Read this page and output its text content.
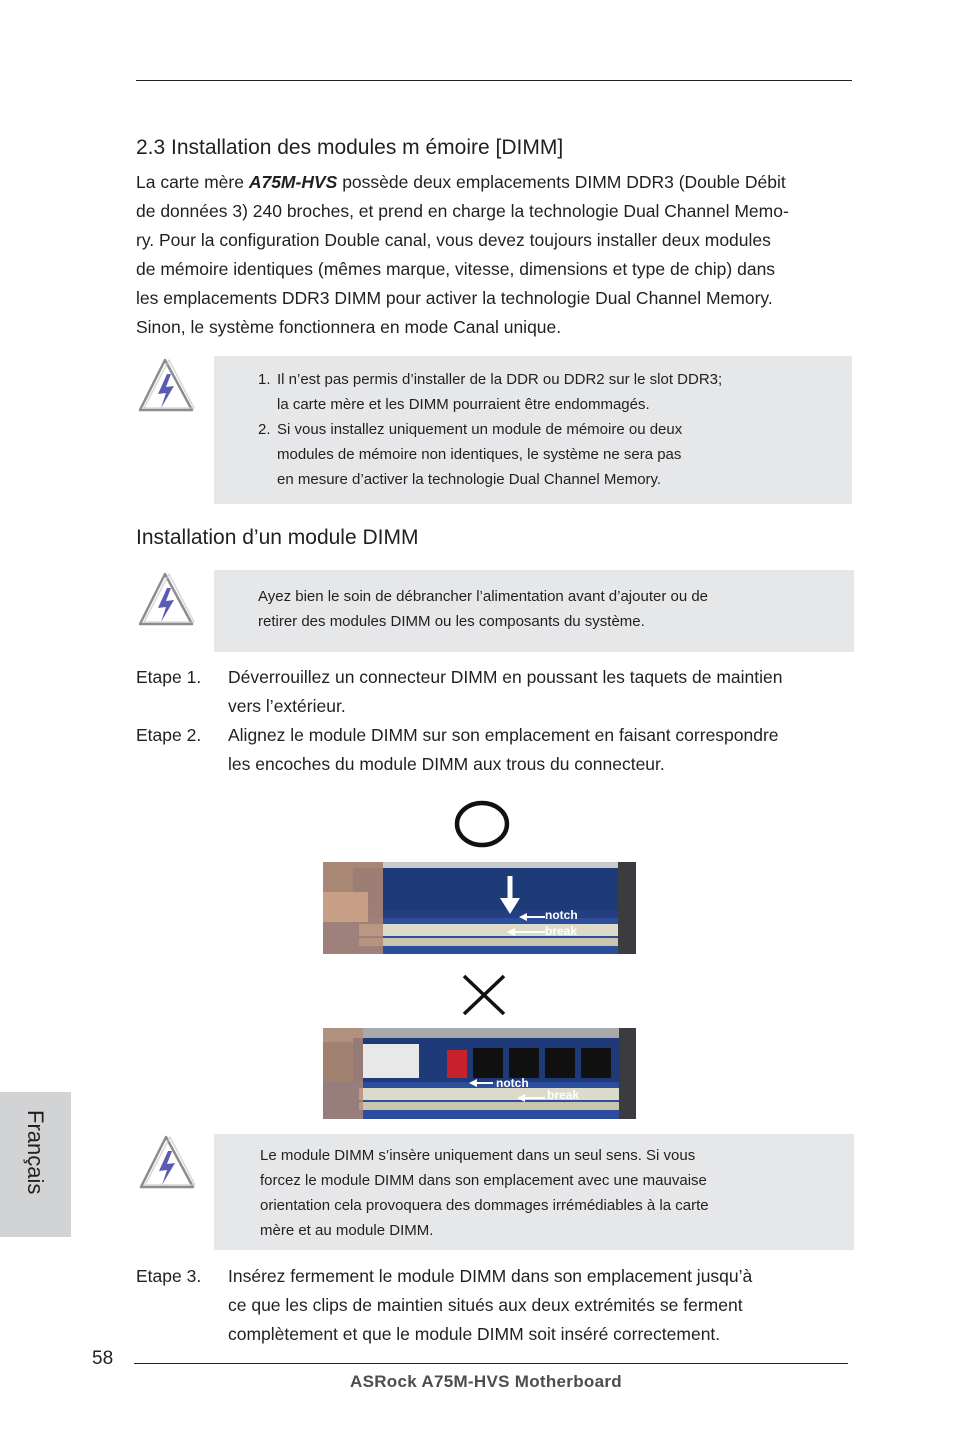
2.3 Installation des modules m émoire [DIMM]
La carte mère A75M-HVS possède deux emplacements DIMM DDR3 (Double Débit
de données 3) 240 broches, et prend en charge la technologie Dual Channel Memo-
ry. Pour la configuration Double canal, vous devez toujours installer deux modules
de mémoire identiques (mêmes marque, vitesse, dimensions et type de chip) dans
les emplacements DDR3 DIMM pour activer la technologie Dual Channel Memory.
Sinon, le système fonctionnera en mode Canal unique.
1. Il n’est pas permis d’installer de la DDR ou DDR2 sur le slot DDR3;
la carte mère et les DIMM pourraient être endommagés.
2. Si vous installez uniquement un module de mémoire ou deux
modules de mémoire non identiques, le système ne sera pas
en mesure d’activer la technologie Dual Channel Memory.
Installation d’un module DIMM
Ayez bien le soin de débrancher l’alimentation avant d’ajouter ou de
retirer des modules DIMM ou les composants du système.
Etape 1.	Déverrouillez un connecteur DIMM en poussant les taquets de maintien
vers l’extérieur.
Etape 2.	Alignez le module DIMM sur son emplacement en faisant correspondre
les encoches du module DIMM aux trous du connecteur.
notch
break
notch
break
Le module DIMM s’insère uniquement dans un seul sens. Si vous
forcez le module DIMM dans son emplacement avec une mauvaise
orientation cela provoquera des dommages irrémédiables à la carte
mère et au module DIMM.
Etape 3.	Insérez fermement le module DIMM dans son emplacement jusqu’à
ce que les clips de maintien situés aux deux extrémités se ferment
complètement et que le module DIMM soit inséré correctement.
Français
58
ASRock A75M-HVS Motherboard
